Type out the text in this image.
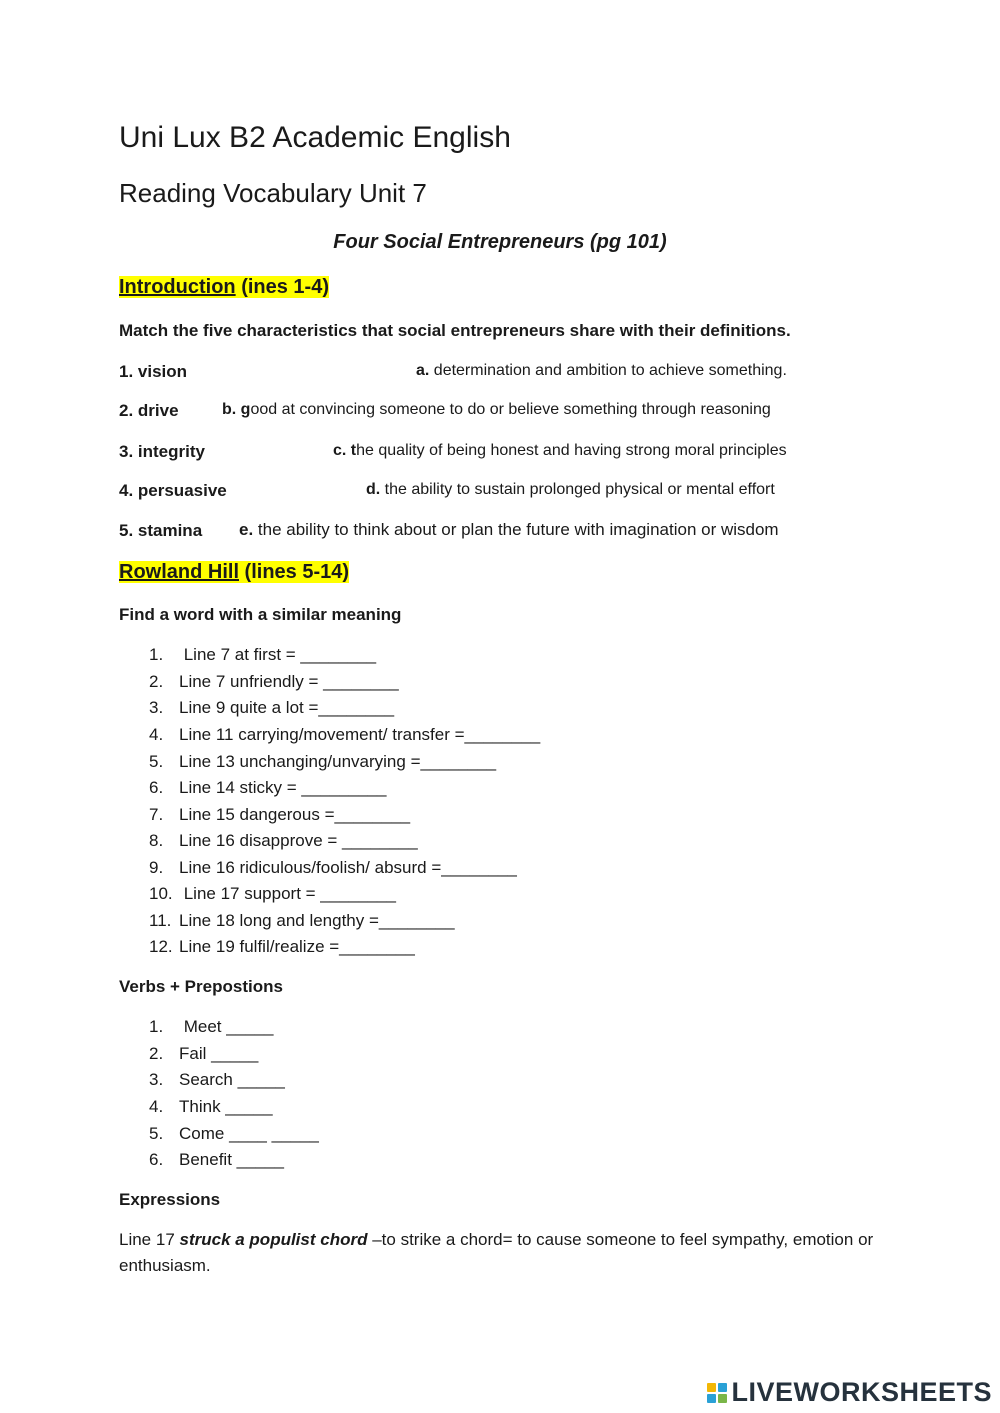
Uni Lux B2 Academic English
Reading Vocabulary Unit 7
Four Social Entrepreneurs (pg 101)
Introduction (ines 1-4)
Match the five characteristics that social entrepreneurs share with their definitions.
1. vision	a. determination and ambition to achieve something.
2. drive	b. good at convincing someone to do or believe something through reasoning
3. integrity	c. the quality of being honest and having strong moral principles
4. persuasive	d. the ability to sustain prolonged physical or mental effort
5. stamina e. the ability to think about or plan the future with imagination or wisdom
Rowland Hill (lines 5-14)
Find a word with a similar meaning
1. Line 7 at first = ________
2. Line 7 unfriendly = ________
3. Line 9 quite a lot =________
4. Line 11 carrying/movement/ transfer =________
5. Line 13 unchanging/unvarying =________
6. Line 14 sticky = _________
7. Line 15 dangerous =________
8. Line 16 disapprove = ________
9. Line 16 ridiculous/foolish/ absurd =________
10. Line 17 support = ________
11. Line 18 long and lengthy =________
12. Line 19 fulfil/realize =________
Verbs + Prepostions
1. Meet _____
2. Fail _____
3. Search _____
4. Think _____
5. Come ____ _____
6. Benefit _____
Expressions
Line 17 struck a populist chord –to strike a chord= to cause someone to feel sympathy, emotion or enthusiasm.
LIVEWORKSHEETS
